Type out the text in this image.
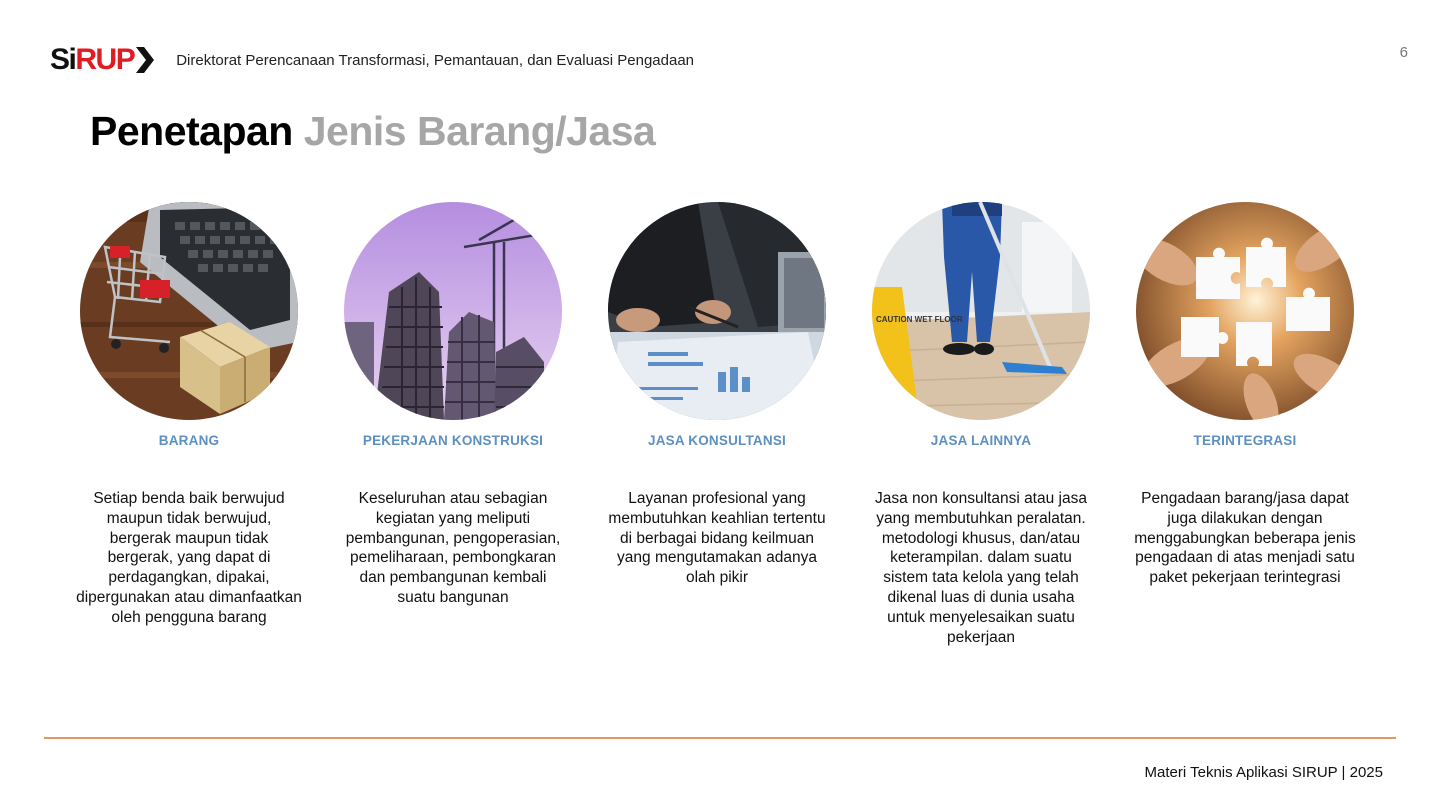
SiRUP	Direktorat Perencanaan Transformasi, Pemantauan, dan Evaluasi Pengadaan	6
Penetapan Jenis Barang/Jasa
BARANG
Setiap benda baik berwujud maupun tidak berwujud, bergerak maupun tidak bergerak, yang dapat di perdagangkan, dipakai, dipergunakan atau dimanfaatkan oleh pengguna barang
PEKERJAAN KONSTRUKSI
Keseluruhan atau sebagian kegiatan yang meliputi pembangunan, pengoperasian, pemeliharaan, pembongkaran dan pembangunan kembali suatu bangunan
JASA KONSULTANSI
Layanan profesional yang membutuhkan keahlian tertentu di berbagai bidang keilmuan yang mengutamakan adanya olah pikir
CAUTION WET FLOOR
JASA LAINNYA
Jasa non konsultansi atau jasa yang membutuhkan peralatan. metodologi khusus, dan/atau keterampilan. dalam suatu sistem tata kelola yang telah dikenal luas di dunia usaha untuk menyelesaikan suatu pekerjaan
TERINTEGRASI
Pengadaan barang/jasa dapat juga dilakukan dengan menggabungkan beberapa jenis pengadaan di atas menjadi satu paket pekerjaan terintegrasi
Materi Teknis Aplikasi SIRUP | 2025
